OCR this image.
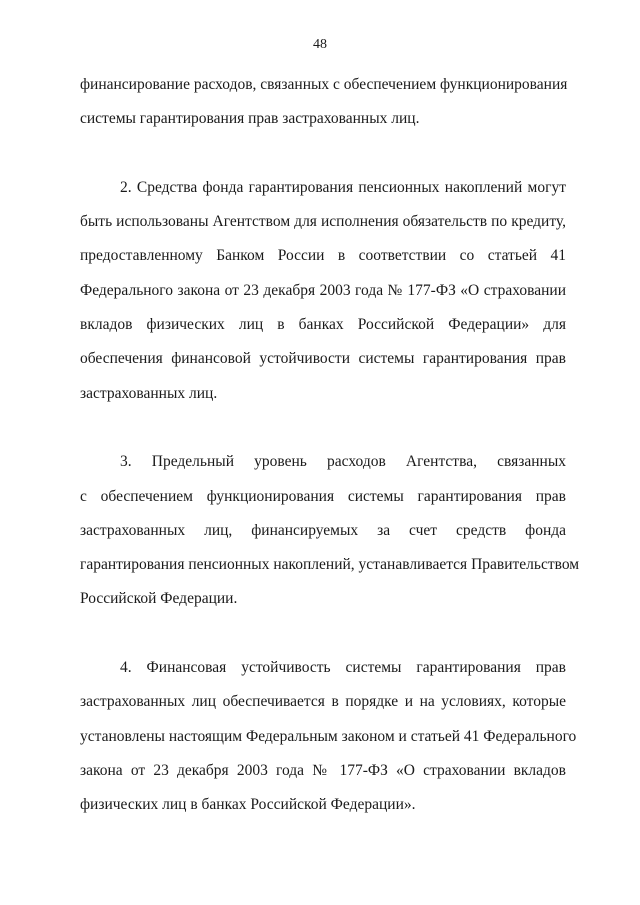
48
финансирование расходов, связанных с обеспечением функционирования
системы гарантирования прав застрахованных лиц.
2. Средства фонда гарантирования пенсионных накоплений могут
быть использованы Агентством для исполнения обязательств по кредиту,
предоставленному Банком России в соответствии со статьей 41
Федерального закона от 23 декабря 2003 года № 177-ФЗ «О страховании
вкладов физических лиц в банках Российской Федерации» для
обеспечения финансовой устойчивости системы гарантирования прав
застрахованных лиц.
3. Предельный уровень расходов Агентства, связанных
с обеспечением функционирования системы гарантирования прав
застрахованных лиц, финансируемых за счет средств фонда
гарантирования пенсионных накоплений, устанавливается Правительством
Российской Федерации.
4. Финансовая устойчивость системы гарантирования прав
застрахованных лиц обеспечивается в порядке и на условиях, которые
установлены настоящим Федеральным законом и статьей 41 Федерального
закона от 23 декабря 2003 года № 177-ФЗ «О страховании вкладов
физических лиц в банках Российской Федерации».
